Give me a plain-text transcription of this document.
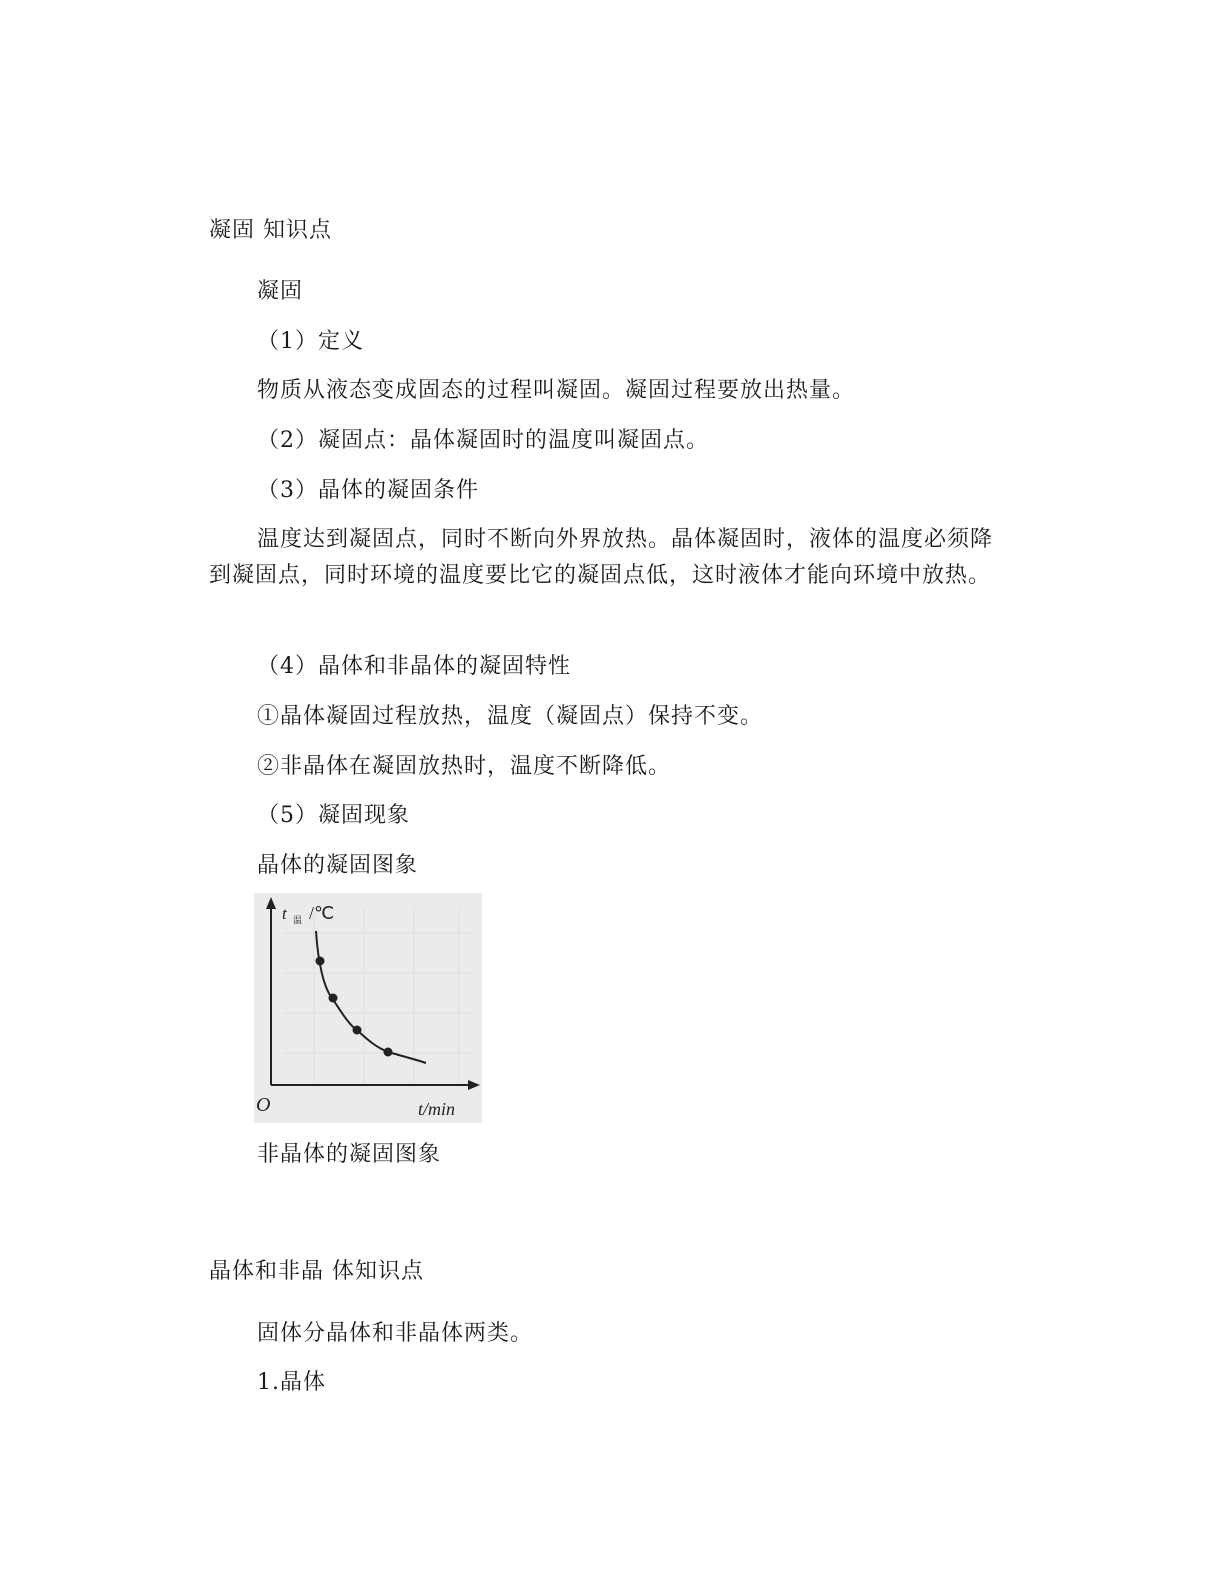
凝固 知识点
凝固
（1）定义
物质从液态变成固态的过程叫凝固。凝固过程要放出热量。
（2）凝固点：晶体凝固时的温度叫凝固点。
（3）晶体的凝固条件
温度达到凝固点，同时不断向外界放热。晶体凝固时，液体的温度必须降到凝固点，同时环境的温度要比它的凝固点低，这时液体才能向环境中放热。
（4）晶体和非晶体的凝固特性
①晶体凝固过程放热，温度（凝固点）保持不变。
②非晶体在凝固放热时，温度不断降低。
（5）凝固现象
晶体的凝固图象
t 温 /℃
O	t/min
非晶体的凝固图象
晶体和非晶 体知识点
固体分晶体和非晶体两类。
1.晶体
